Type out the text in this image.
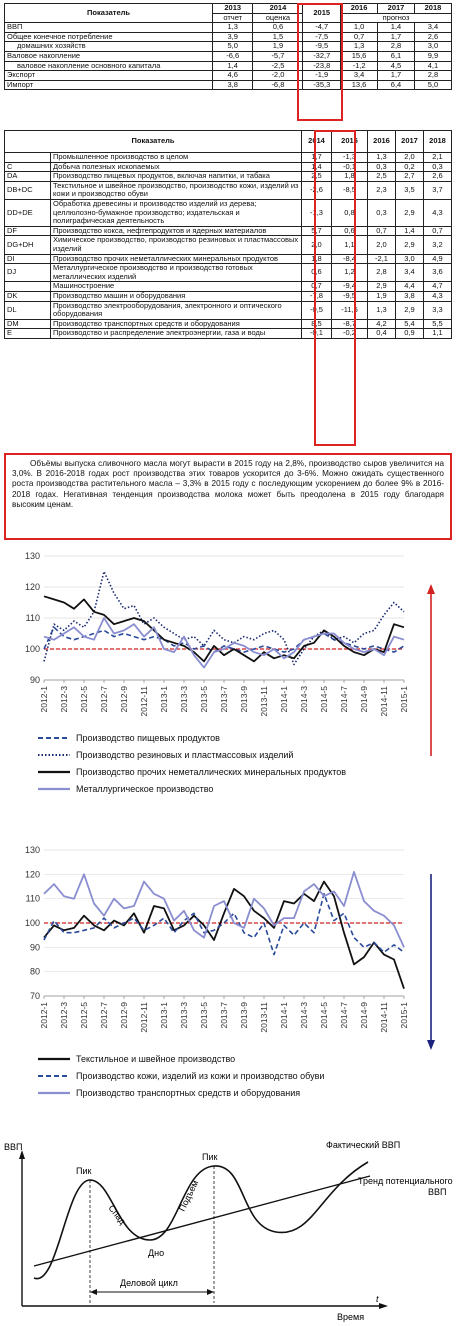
Показатель	2013	2014	2015	2016	2017	2018
	отчет	оценка		прогноз		
ВВП	1,3	0,6	-4,7	1,0	1,4	3,4
Общее конечное потребление	3,9	1,5	-7,5	0,7	1,7	2,6
домашних хозяйств	5,0	1,9	-9,5	1,3	2,8	3,0
Валовое накопление	-6,6	-5,7	-32,7	15,6	6,1	9,9
валовое накопление основного капитала	1,4	-2,5	-23,8	-1,2	4,5	4,1
Экспорт	4,6	-2,0	-1,9	3,4	1,7	2,8
Импорт	3,8	-6,8	-35,3	13,6	6,4	5,0
Показатель		2014	2015	2016	2017	2018
	Промышленное производство в целом	1,7	-1,3	1,3	2,0	2,1
C	Добыча полезных ископаемых	1,4	-0,1	0,3	0,2	0,3
DA	Производство пищевых продуктов, включая напитки, и табака	2,5	1,8	2,5	2,7	2,6
DB+DC	Текстильное и швейное производство, производство кожи, изделий из кожи и производство обуви	-2,6	-8,5	2,3	3,5	3,7
DD+DE	Обработка древесины и производство изделий из дерева; целлюлозно-бумажное производство; издательская и полиграфическая деятельность	-1,3	0,8	0,3	2,9	4,3
DF	Производство кокса, нефтепродуктов и ядерных материалов	5,7	0,6	0,7	1,4	0,7
DG+DH	Химическое производство, производство резиновых и пластмассовых изделий	2,0	1,1	2,0	2,9	3,2
DI	Производство прочих неметаллических минеральных продуктов	1,8	-8,4	-2,1	3,0	4,9
DJ	Металлургическое производство и производство готовых металлических изделий	0,6	1,2	2,8	3,4	3,6
	Машиностроение	0,7	-9,4	2,9	4,4	4,7
DK	Производство машин и оборудования	-7,8	-9,5	1,9	3,8	4,3
DL	Производство электрооборудования, электронного и оптического оборудования	-0,5	-11,5	1,3	2,9	3,3
DM	Производство транспортных средств и оборудования	8,5	-8,7	4,2	5,4	5,5
E	Производство и распределение электроэнергии, газа и воды	-0,1	-0,2	0,4	0,9	1,1
Объёмы выпуска сливочного масла могут вырасти в 2015 году на 2,8%, производство сыров увеличится на 3,0%. В 2016-2018 годах рост производства этих товаров ускорится до 3-6%. Можно ожидать существенного роста производства растительного масла – 3,3% в 2015 году с последующим ускорением до более 9% в 2016-2018 годах. Негативная тенденция производства молока может быть преодолена в 2015 году благодаря высоким ценам.
90
100
110
120
130
2012-1 2012-3 2012-5 2012-7 2012-9 2012-11 2013-1 2013-3 2013-5 2013-7 2013-9 2013-11 2014-1 2014-3 2014-5 2014-7 2014-9 2014-11 2015-1
Производство пищевых продуктов
Производство резиновых и пластмассовых изделий
Производство прочих неметаллических минеральных продуктов
Металлургическое производство
70
80
90
100
110
120
130
2012-1 2012-3 2012-5 2012-7 2012-9 2012-11 2013-1 2013-3 2013-5 2013-7 2013-9 2013-11 2014-1 2014-3 2014-5 2014-7 2014-9 2014-11 2015-1
Текстильное и швейное производство
Производство кожи, изделий из кожи и производство обуви
Производство транспортных средств и оборудования
ВВП
Время
t
Деловой цикл
Пик
Пик
Спад
Дно
Подъем
Фактический ВВП
Тренд потенциального
ВВП
